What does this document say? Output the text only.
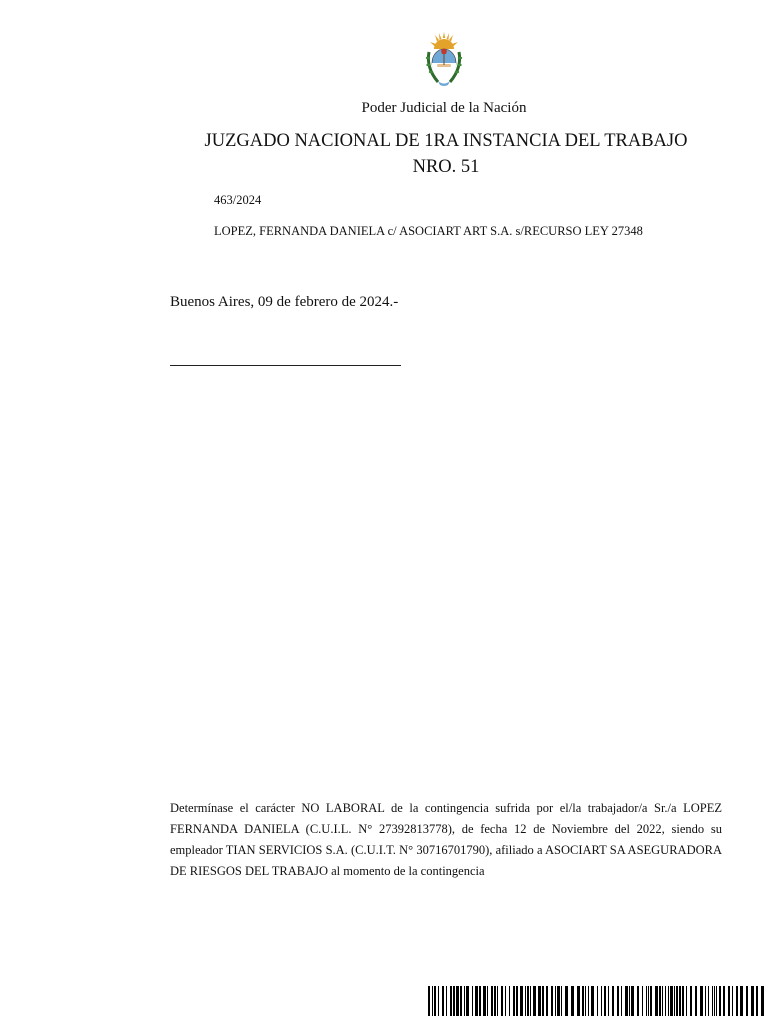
Poder Judicial de la Nación
JUZGADO NACIONAL DE 1RA INSTANCIA DEL TRABAJO
NRO. 51
463/2024
LOPEZ, FERNANDA DANIELA c/ ASOCIART ART S.A. s/RECURSO LEY 27348
Buenos Aires, 09 de febrero de 2024.-
Determínase el carácter NO LABORAL de la contingencia sufrida por el/la trabajador/a Sr./a LOPEZ FERNANDA DANIELA (C.U.I.L. N° 27392813778), de fecha 12 de Noviembre del 2022, siendo su empleador TIAN SERVICIOS S.A. (C.U.I.T. N° 30716701790), afiliado a ASOCIART SA ASEGURADORA DE RIESGOS DEL TRABAJO al momento de la contingencia
